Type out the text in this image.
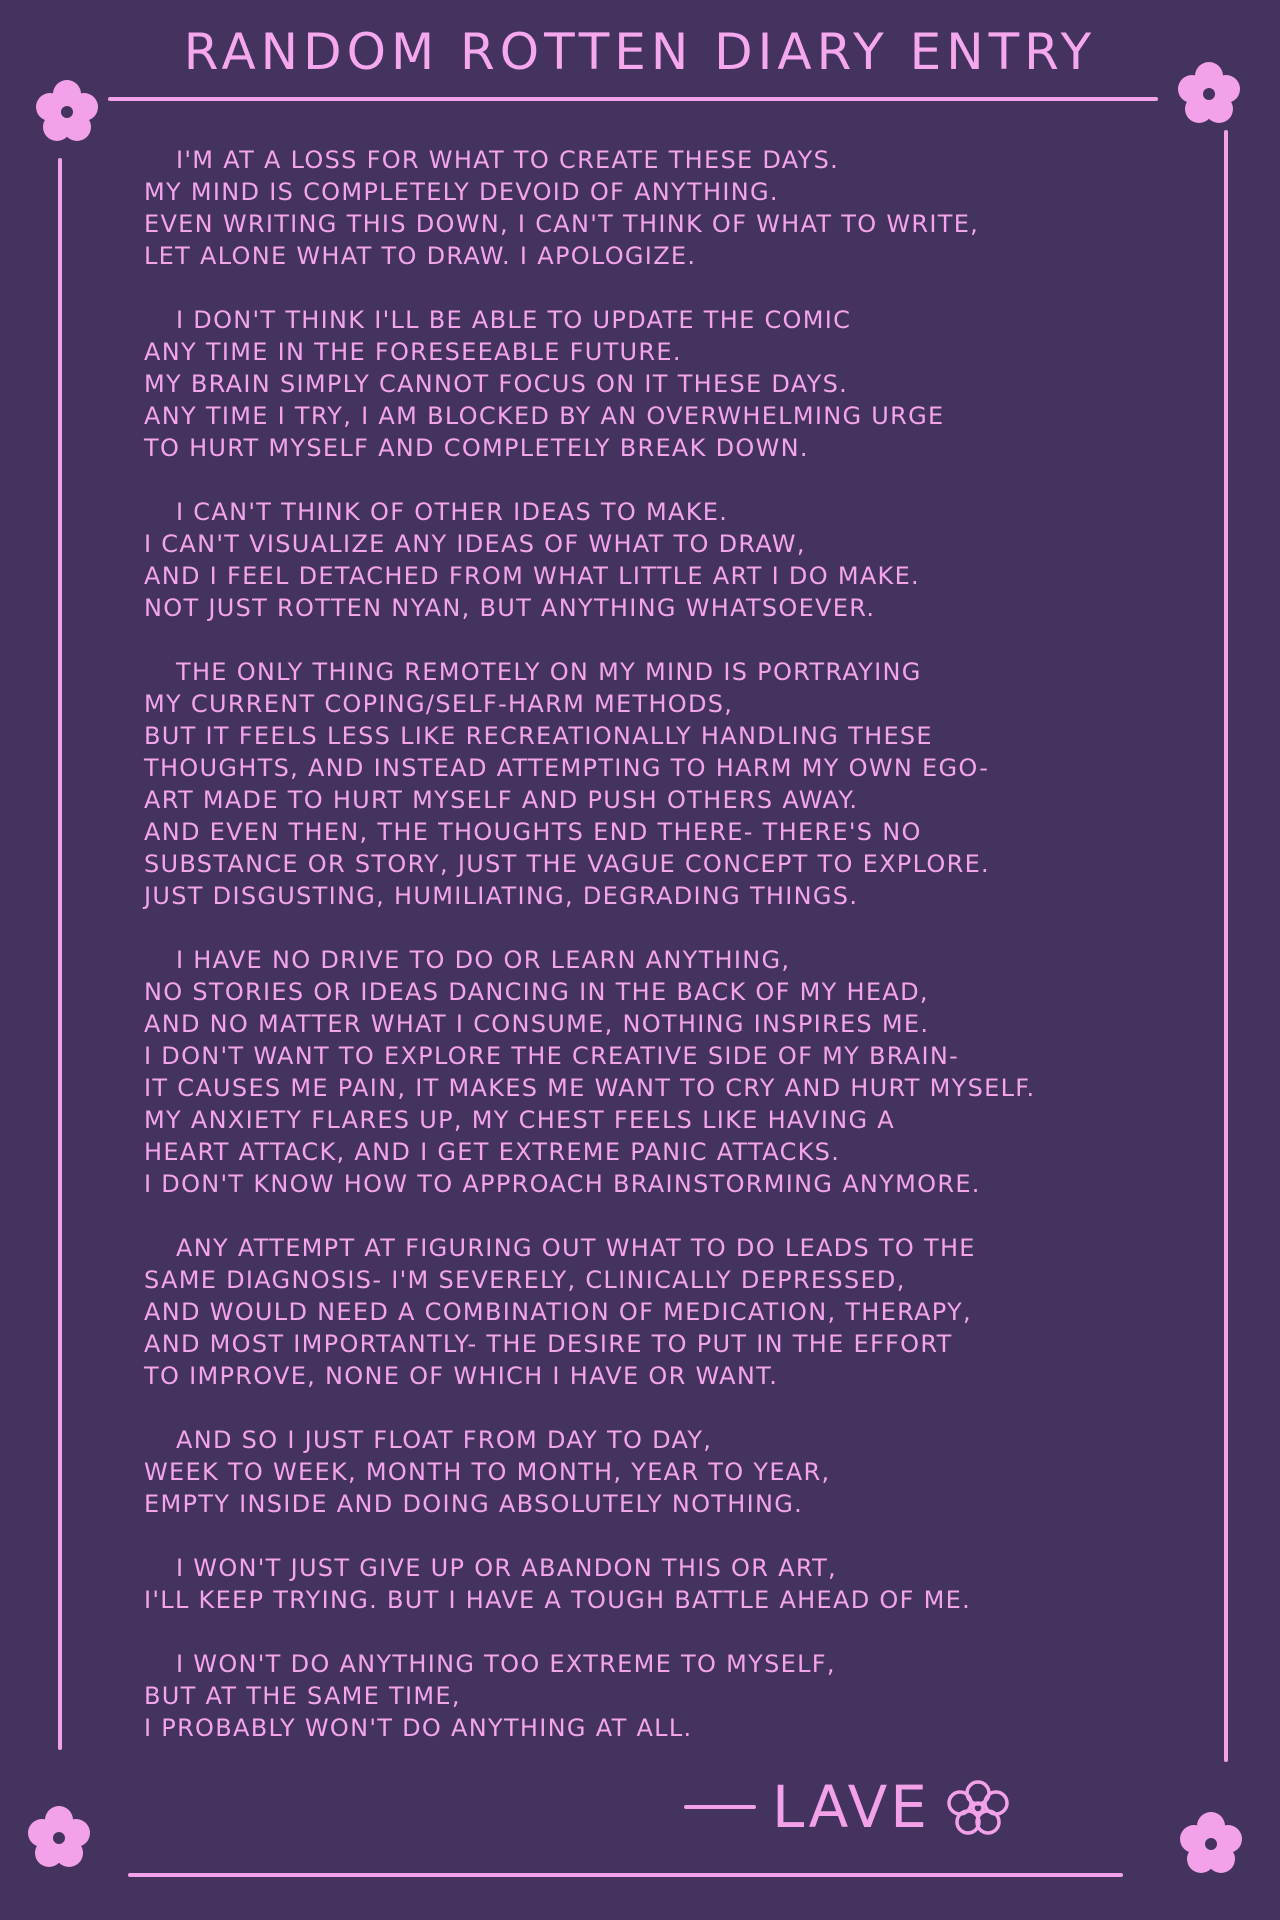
RANDOM ROTTEN DIARY ENTRY
I'M AT A LOSS FOR WHAT TO CREATE THESE DAYS.
MY MIND IS COMPLETELY DEVOID OF ANYTHING.
EVEN WRITING THIS DOWN, I CAN'T THINK OF WHAT TO WRITE,
LET ALONE WHAT TO DRAW. I APOLOGIZE.
I DON'T THINK I'LL BE ABLE TO UPDATE THE COMIC
ANY TIME IN THE FORESEEABLE FUTURE.
MY BRAIN SIMPLY CANNOT FOCUS ON IT THESE DAYS.
ANY TIME I TRY, I AM BLOCKED BY AN OVERWHELMING URGE
TO HURT MYSELF AND COMPLETELY BREAK DOWN.
I CAN'T THINK OF OTHER IDEAS TO MAKE.
I CAN'T VISUALIZE ANY IDEAS OF WHAT TO DRAW,
AND I FEEL DETACHED FROM WHAT LITTLE ART I DO MAKE.
NOT JUST ROTTEN NYAN, BUT ANYTHING WHATSOEVER.
THE ONLY THING REMOTELY ON MY MIND IS PORTRAYING
MY CURRENT COPING/SELF-HARM METHODS,
BUT IT FEELS LESS LIKE RECREATIONALLY HANDLING THESE
THOUGHTS, AND INSTEAD ATTEMPTING TO HARM MY OWN EGO-
ART MADE TO HURT MYSELF AND PUSH OTHERS AWAY.
AND EVEN THEN, THE THOUGHTS END THERE- THERE'S NO
SUBSTANCE OR STORY, JUST THE VAGUE CONCEPT TO EXPLORE.
JUST DISGUSTING, HUMILIATING, DEGRADING THINGS.
I HAVE NO DRIVE TO DO OR LEARN ANYTHING,
NO STORIES OR IDEAS DANCING IN THE BACK OF MY HEAD,
AND NO MATTER WHAT I CONSUME, NOTHING INSPIRES ME.
I DON'T WANT TO EXPLORE THE CREATIVE SIDE OF MY BRAIN-
IT CAUSES ME PAIN, IT MAKES ME WANT TO CRY AND HURT MYSELF.
MY ANXIETY FLARES UP, MY CHEST FEELS LIKE HAVING A
HEART ATTACK, AND I GET EXTREME PANIC ATTACKS.
I DON'T KNOW HOW TO APPROACH BRAINSTORMING ANYMORE.
ANY ATTEMPT AT FIGURING OUT WHAT TO DO LEADS TO THE
SAME DIAGNOSIS- I'M SEVERELY, CLINICALLY DEPRESSED,
AND WOULD NEED A COMBINATION OF MEDICATION, THERAPY,
AND MOST IMPORTANTLY- THE DESIRE TO PUT IN THE EFFORT
TO IMPROVE, NONE OF WHICH I HAVE OR WANT.
AND SO I JUST FLOAT FROM DAY TO DAY,
WEEK TO WEEK, MONTH TO MONTH, YEAR TO YEAR,
EMPTY INSIDE AND DOING ABSOLUTELY NOTHING.
I WON'T JUST GIVE UP OR ABANDON THIS OR ART,
I'LL KEEP TRYING. BUT I HAVE A TOUGH BATTLE AHEAD OF ME.
I WON'T DO ANYTHING TOO EXTREME TO MYSELF,
BUT AT THE SAME TIME,
I PROBABLY WON'T DO ANYTHING AT ALL.
LAVE
